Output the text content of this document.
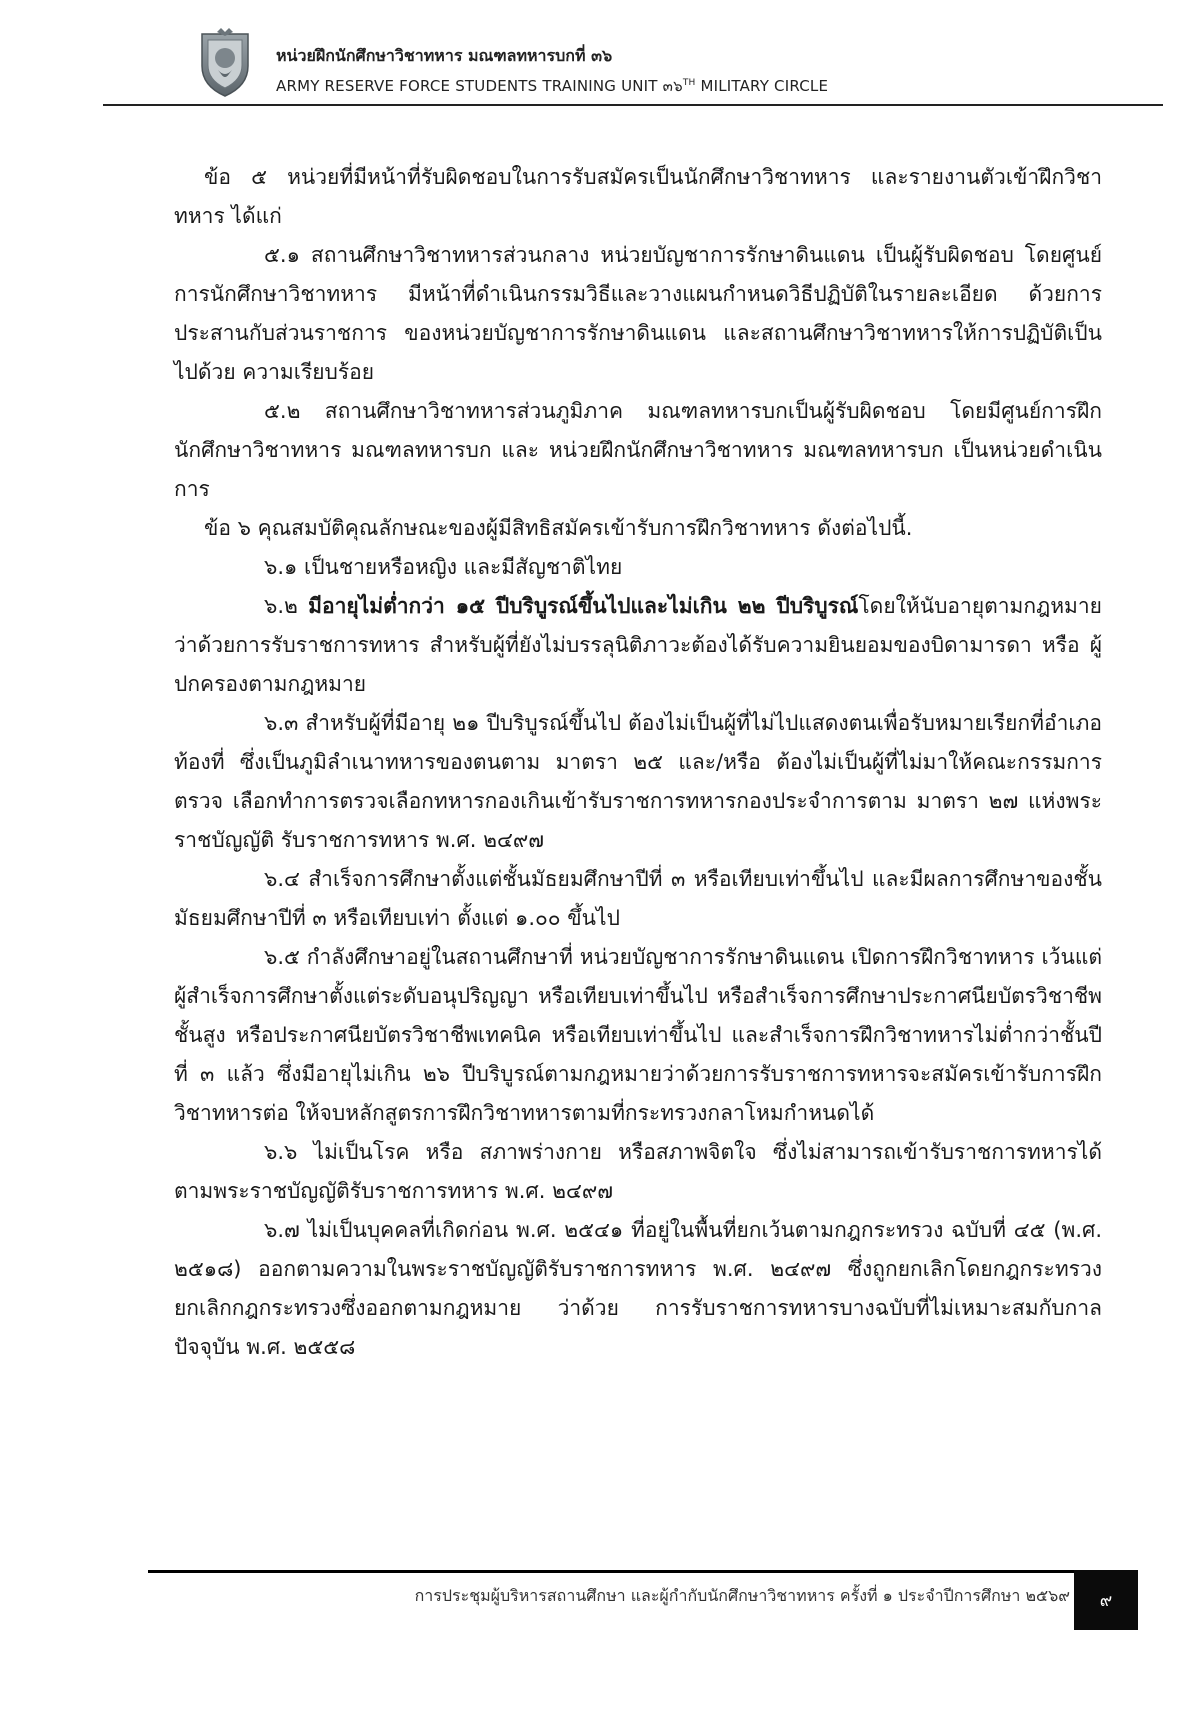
หน่วยฝึกนักศึกษาวิชาทหาร มณฑลทหารบกที่ ๓๖
ARMY RESERVE FORCE STUDENTS TRAINING UNIT ๓๖$^{TH}$ MILITARY CIRCLE

ข้อ ๕ หน่วยที่มีหน้าที่รับผิดชอบในการรับสมัครเป็นนักศึกษาวิชาทหาร และรายงานตัวเข้าฝึกวิชาทหาร ได้แก่

๕.๑ สถานศึกษาวิชาทหารส่วนกลาง หน่วยบัญชาการรักษาดินแดน เป็นผู้รับผิดชอบ โดยศูนย์การนักศึกษาวิชาทหาร มีหน้าที่ดำเนินกรรมวิธีและวางแผนกำหนดวิธีปฏิบัติในรายละเอียด ด้วยการประสานกับส่วนราชการ ของหน่วยบัญชาการรักษาดินแดน และสถานศึกษาวิชาทหารให้การปฏิบัติเป็นไปด้วย ความเรียบร้อย

๕.๒ สถานศึกษาวิชาทหารส่วนภูมิภาค มณฑลทหารบกเป็นผู้รับผิดชอบ โดยมีศูนย์การฝึกนักศึกษาวิชาทหาร มณฑลทหารบก และ หน่วยฝึกนักศึกษาวิชาทหาร มณฑลทหารบก เป็นหน่วยดำเนินการ

ข้อ ๖ คุณสมบัติคุณลักษณะของผู้มีสิทธิสมัครเข้ารับการฝึกวิชาทหาร ดังต่อไปนี้.

๖.๑ เป็นชายหรือหญิง และมีสัญชาติไทย

๖.๒ มีอายุไม่ต่ำกว่า ๑๕ ปีบริบูรณ์ขึ้นไปและไม่เกิน ๒๒ ปีบริบูรณ์โดยให้นับอายุตามกฎหมายว่าด้วยการรับราชการทหาร สำหรับผู้ที่ยังไม่บรรลุนิติภาวะต้องได้รับความยินยอมของบิดามารดา หรือ ผู้ปกครองตามกฎหมาย

๖.๓ สำหรับผู้ที่มีอายุ ๒๑ ปีบริบูรณ์ขึ้นไป ต้องไม่เป็นผู้ที่ไม่ไปแสดงตนเพื่อรับหมายเรียกที่อำเภอท้องที่ ซึ่งเป็นภูมิลำเนาทหารของตนตาม มาตรา ๒๕ และ/หรือ ต้องไม่เป็นผู้ที่ไม่มาให้คณะกรรมการตรวจ เลือกทำการตรวจเลือกทหารกองเกินเข้ารับราชการทหารกองประจำการตาม มาตรา ๒๗ แห่งพระราชบัญญัติ รับราชการทหาร พ.ศ. ๒๔๙๗

๖.๔ สำเร็จการศึกษาตั้งแต่ชั้นมัธยมศึกษาปีที่ ๓ หรือเทียบเท่าขึ้นไป และมีผลการศึกษาของชั้นมัธยมศึกษาปีที่ ๓ หรือเทียบเท่า ตั้งแต่ ๑.๐๐ ขึ้นไป

๖.๕ กำลังศึกษาอยู่ในสถานศึกษาที่ หน่วยบัญชาการรักษาดินแดน เปิดการฝึกวิชาทหาร เว้นแต่ผู้สำเร็จการศึกษาตั้งแต่ระดับอนุปริญญา หรือเทียบเท่าขึ้นไป หรือสำเร็จการศึกษาประกาศนียบัตรวิชาชีพชั้นสูง หรือประกาศนียบัตรวิชาชีพเทคนิค หรือเทียบเท่าขึ้นไป และสำเร็จการฝึกวิชาทหารไม่ต่ำกว่าชั้นปีที่ ๓ แล้ว ซึ่งมีอายุไม่เกิน ๒๖ ปีบริบูรณ์ตามกฎหมายว่าด้วยการรับราชการทหารจะสมัครเข้ารับการฝึกวิชาทหารต่อ ให้จบหลักสูตรการฝึกวิชาทหารตามที่กระทรวงกลาโหมกำหนดได้

๖.๖ ไม่เป็นโรค หรือ สภาพร่างกาย หรือสภาพจิตใจ ซึ่งไม่สามารถเข้ารับราชการทหารได้ ตามพระราชบัญญัติรับราชการทหาร พ.ศ. ๒๔๙๗

๖.๗ ไม่เป็นบุคคลที่เกิดก่อน พ.ศ. ๒๕๔๑ ที่อยู่ในพื้นที่ยกเว้นตามกฎกระทรวง ฉบับที่ ๔๕ (พ.ศ. ๒๕๑๘) ออกตามความในพระราชบัญญัติรับราชการทหาร พ.ศ. ๒๔๙๗ ซึ่งถูกยกเลิกโดยกฎกระทรวง ยกเลิกกฎกระทรวงซึ่งออกตามกฎหมาย ว่าด้วย การรับราชการทหารบางฉบับที่ไม่เหมาะสมกับกาลปัจจุบัน พ.ศ. ๒๕๕๘

การประชุมผู้บริหารสถานศึกษา และผู้กำกับนักศึกษาวิชาทหาร ครั้งที่ ๑ ประจำปีการศึกษา ๒๕๖๙	๙
